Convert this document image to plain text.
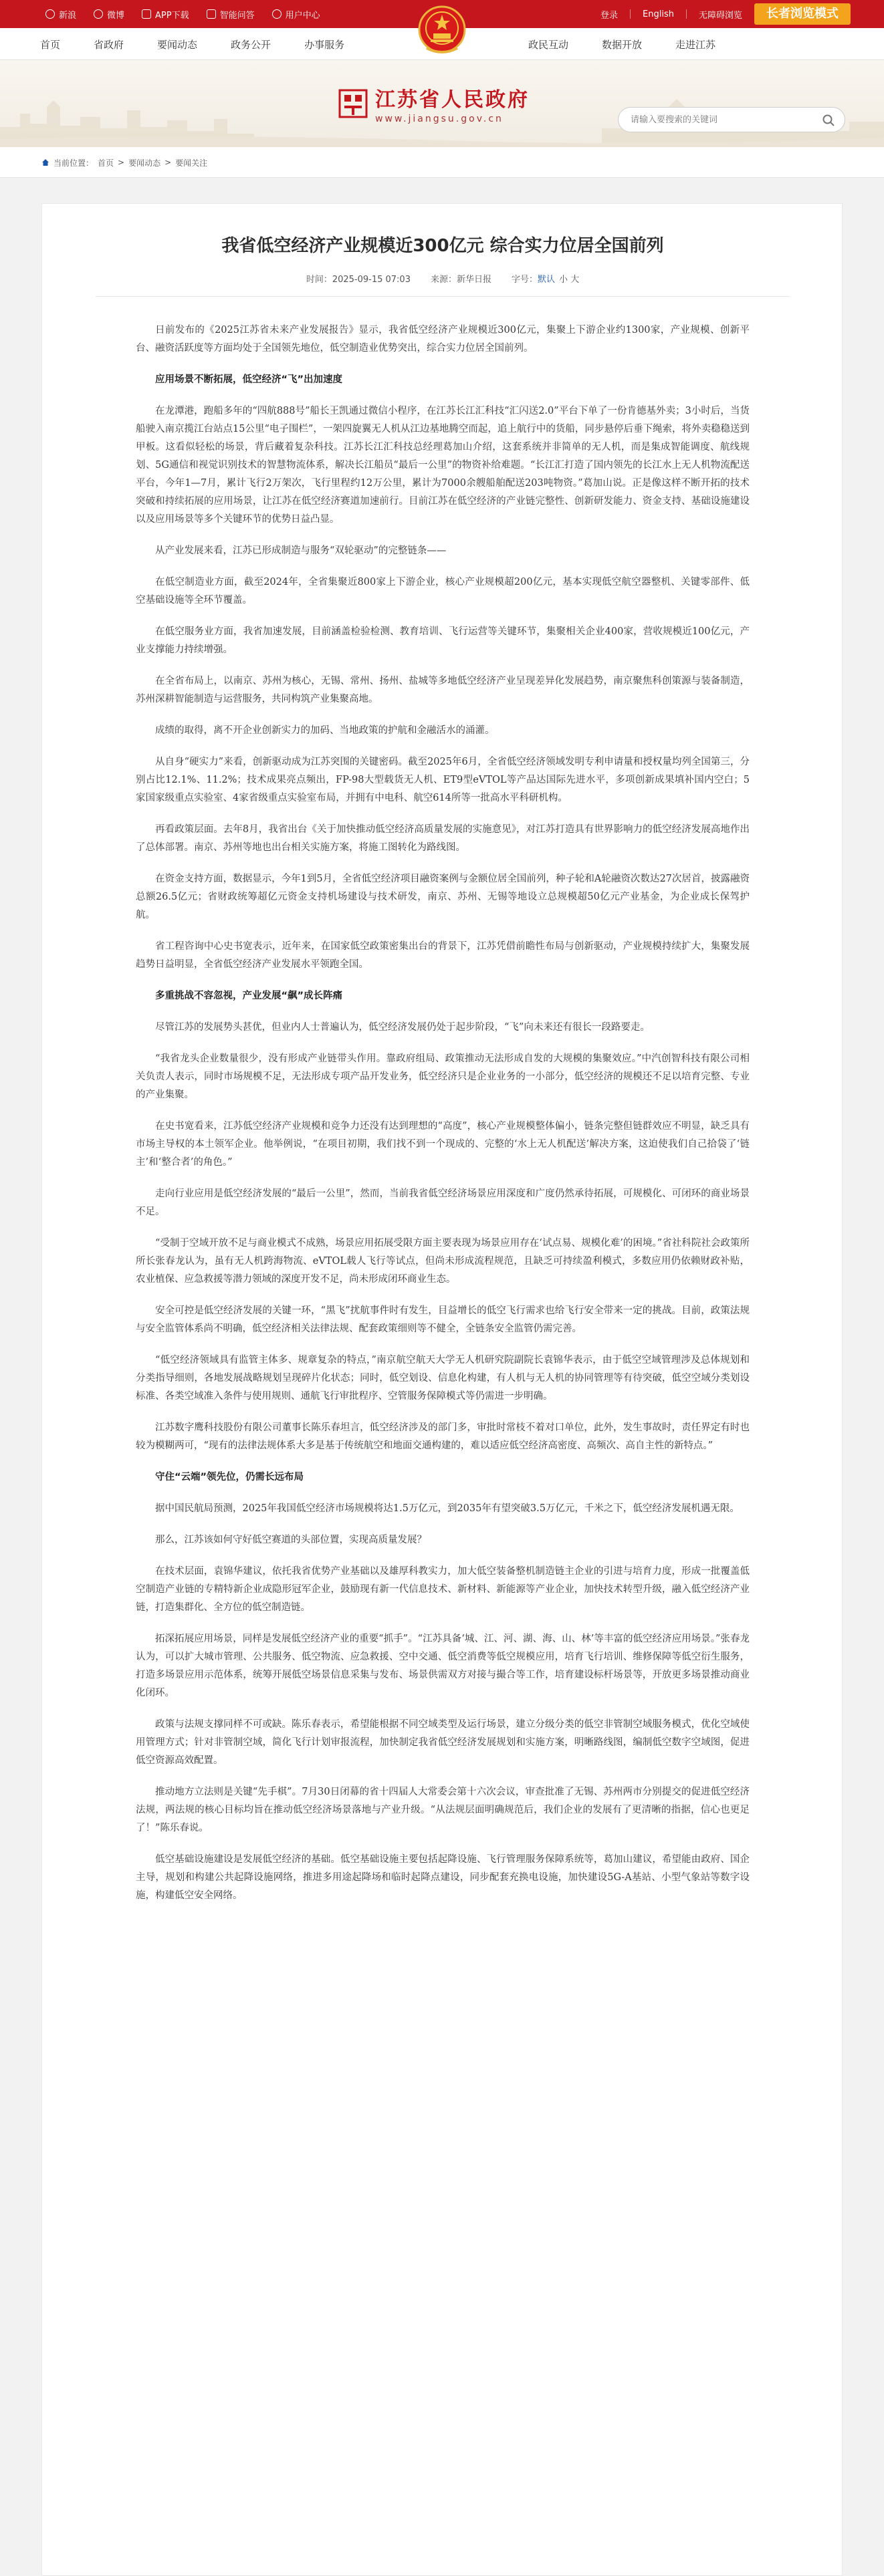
新浪	微博	APP下载	智能问答	用户中心	登录	English	无障碍浏览	长者浏览模式
首页	省政府	要闻动态	政务公开	办事服务	政民互动	数据开放	走进江苏
江苏省人民政府
www.jiangsu.gov.cn
请输入要搜索的关键词
当前位置： 首页 > 要闻动态 > 要闻关注
我省低空经济产业规模近300亿元 综合实力位居全国前列
时间：2025-09-15 07:03 来源：新华日报 字号：默认 小 大

日前发布的《2025江苏省未来产业发展报告》显示，我省低空经济产业规模近300亿元，集聚上下游企业约1300家，产业规模、创新平台、融资活跃度等方面均处于全国领先地位，低空制造业优势突出，综合实力位居全国前列。

应用场景不断拓展，低空经济“飞”出加速度

在龙潭港，跑船多年的“四航888号”船长王凯通过微信小程序，在江苏长江汇科技“汇闪送2.0”平台下单了一份肯德基外卖；3小时后，当货船驶入南京揽江台站点15公里“电子围栏”，一架四旋翼无人机从江边基地腾空而起，追上航行中的货船，同步悬停后垂下绳索，将外卖稳稳送到甲板。这看似轻松的场景，背后藏着复杂科技。江苏长江汇科技总经理葛加山介绍，这套系统并非简单的无人机，而是集成智能调度、航线规划、5G通信和视觉识别技术的智慧物流体系，解决长江船员“最后一公里”的物资补给难题。“长江汇打造了国内领先的长江水上无人机物流配送平台，今年1—7月，累计飞行2万架次，飞行里程约12万公里，累计为7000余艘船舶配送203吨物资。”葛加山说。正是像这样不断开拓的技术突破和持续拓展的应用场景，让江苏在低空经济赛道加速前行。目前江苏在低空经济的产业链完整性、创新研发能力、资金支持、基础设施建设以及应用场景等多个关键环节的优势日益凸显。

从产业发展来看，江苏已形成制造与服务“双轮驱动”的完整链条——

在低空制造业方面，截至2024年，全省集聚近800家上下游企业，核心产业规模超200亿元，基本实现低空航空器整机、关键零部件、低空基础设施等全环节覆盖。

在低空服务业方面，我省加速发展，目前涵盖检验检测、教育培训、飞行运营等关键环节，集聚相关企业400家，营收规模近100亿元，产业支撑能力持续增强。

在全省布局上，以南京、苏州为核心，无锡、常州、扬州、盐城等多地低空经济产业呈现差异化发展趋势，南京聚焦科创策源与装备制造，苏州深耕智能制造与运营服务，共同构筑产业集聚高地。

成绩的取得，离不开企业创新实力的加码、当地政策的护航和金融活水的涌灌。

从自身“硬实力”来看，创新驱动成为江苏突围的关键密码。截至2025年6月，全省低空经济领域发明专利申请量和授权量均列全国第三，分别占比12.1%、11.2%；技术成果亮点频出，FP-98大型载货无人机、ET9型eVTOL等产品达国际先进水平，多项创新成果填补国内空白；5家国家级重点实验室、4家省级重点实验室布局，并拥有中电科、航空614所等一批高水平科研机构。

再看政策层面。去年8月，我省出台《关于加快推动低空经济高质量发展的实施意见》，对江苏打造具有世界影响力的低空经济发展高地作出了总体部署。南京、苏州等地也出台相关实施方案，将施工图转化为路线图。

在资金支持方面，数据显示，今年1到5月，全省低空经济项目融资案例与金额位居全国前列，种子轮和A轮融资次数达27次居首，披露融资总额26.5亿元；省财政统筹超亿元资金支持机场建设与技术研发，南京、苏州、无锡等地设立总规模超50亿元产业基金，为企业成长保驾护航。

省工程咨询中心史书宽表示，近年来，在国家低空政策密集出台的背景下，江苏凭借前瞻性布局与创新驱动，产业规模持续扩大，集聚发展趋势日益明显，全省低空经济产业发展水平领跑全国。

多重挑战不容忽视，产业发展“飙”成长阵痛

尽管江苏的发展势头甚优，但业内人士普遍认为，低空经济发展仍处于起步阶段，“飞”向未来还有很长一段路要走。

“我省龙头企业数量很少，没有形成产业链带头作用。靠政府组局、政策推动无法形成自发的大规模的集聚效应。”中汽创智科技有限公司相关负责人表示，同时市场规模不足，无法形成专项产品开发业务，低空经济只是企业业务的一小部分，低空经济的规模还不足以培育完整、专业的产业集聚。

在史书宽看来，江苏低空经济产业规模和竞争力还没有达到理想的“高度”，核心产业规模整体偏小，链条完整但链群效应不明显，缺乏具有市场主导权的本土领军企业。他举例说，“在项目初期，我们找不到一个现成的、完整的‘水上无人机配送’解决方案，这迫使我们自己拾袋了‘链主’和‘整合者’的角色。”

走向行业应用是低空经济发展的“最后一公里”，然而，当前我省低空经济场景应用深度和广度仍然承待拓展，可规模化、可闭环的商业场景不足。

“受制于空域开放不足与商业模式不成熟，场景应用拓展受限方面主要表现为场景应用存在‘试点易、规模化难’的困境。”省社科院社会政策所所长张春龙认为，虽有无人机跨海物流、eVTOL载人飞行等试点，但尚未形成流程规范，且缺乏可持续盈利模式，多数应用仍依赖财政补贴，农业植保、应急救援等潜力领域的深度开发不足，尚未形成闭环商业生态。

安全可控是低空经济发展的关键一环，“黑飞”扰航事件时有发生，目益增长的低空飞行需求也给飞行安全带来一定的挑战。目前，政策法规与安全监管体系尚不明确，低空经济相关法律法规、配套政策细则等不健全，全链条安全监管仍需完善。

“低空经济领域具有监管主体多、规章复杂的特点，”南京航空航天大学无人机研究院副院长袁锦华表示，由于低空空域管理涉及总体规划和分类指导细则，各地发展战略规划呈现碎片化状态；同时，低空划设、信息化构建，有人机与无人机的协同管理等有待突破，低空空域分类划设标准、各类空域准入条件与使用规则、通航飞行审批程序、空管服务保障模式等仍需进一步明确。

江苏数字鹰科技股份有限公司董事长陈乐春坦言，低空经济涉及的部门多，审批时常枝不着对口单位，此外，发生事故时，责任界定有时也较为模糊两可，“现有的法律法规体系大多是基于传统航空和地面交通构建的，难以适应低空经济高密度、高频次、高自主性的新特点。”

守住“云端”领先位，仍需长远布局

据中国民航局预测，2025年我国低空经济市场规模将达1.5万亿元，到2035年有望突破3.5万亿元，千米之下，低空经济发展机遇无限。

那么，江苏该如何守好低空赛道的头部位置，实现高质量发展？

在技术层面，袁锦华建议，依托我省优势产业基础以及雄厚科教实力，加大低空装备整机制造链主企业的引进与培育力度，形成一批覆盖低空制造产业链的专精特新企业成隐形冠军企业，鼓励现有新一代信息技术、新材料、新能源等产业企业，加快技术转型升级，融入低空经济产业链，打造集群化、全方位的低空制造链。

拓深拓展应用场景，同样是发展低空经济产业的重要“抓手”。“江苏具备‘城、江、河、湖、海、山、林’等丰富的低空经济应用场景。”张春龙认为，可以扩大城市管理、公共服务、低空物流、应急救援、空中交通、低空消费等低空规模应用，培育飞行培训、维修保障等低空衍生服务，打造多场景应用示范体系，统筹开展低空场景信息采集与发布、场景供需双方对接与撮合等工作，培育建设标杆场景等，开放更多场景推动商业化闭环。

政策与法规支撑同样不可或缺。陈乐春表示，希望能根据不同空域类型及运行场景，建立分级分类的低空非管制空域服务模式，优化空域使用管理方式；针对非管制空域，简化飞行计划审报流程，加快制定我省低空经济发展规划和实施方案，明晰路线图，编制低空数字空域图，促进低空资源高效配置。

推动地方立法则是关键“先手棋”。7月30日闭幕的省十四届人大常委会第十六次会议，审查批准了无锡、苏州两市分别提交的促进低空经济法规，两法规的核心目标均旨在推动低空经济场景落地与产业升级。“从法规层面明确规范后，我们企业的发展有了更清晰的指据，信心也更足了！”陈乐春说。

低空基础设施建设是发展低空经济的基础。低空基础设施主要包括起降设施、飞行管理服务保障系统等，葛加山建议，希望能由政府、国企主导，规划和构建公共起降设施网络，推进多用途起降场和临时起降点建设，同步配套充换电设施，加快建设5G-A基站、小型气象站等数字设施，构建低空安全网络。
